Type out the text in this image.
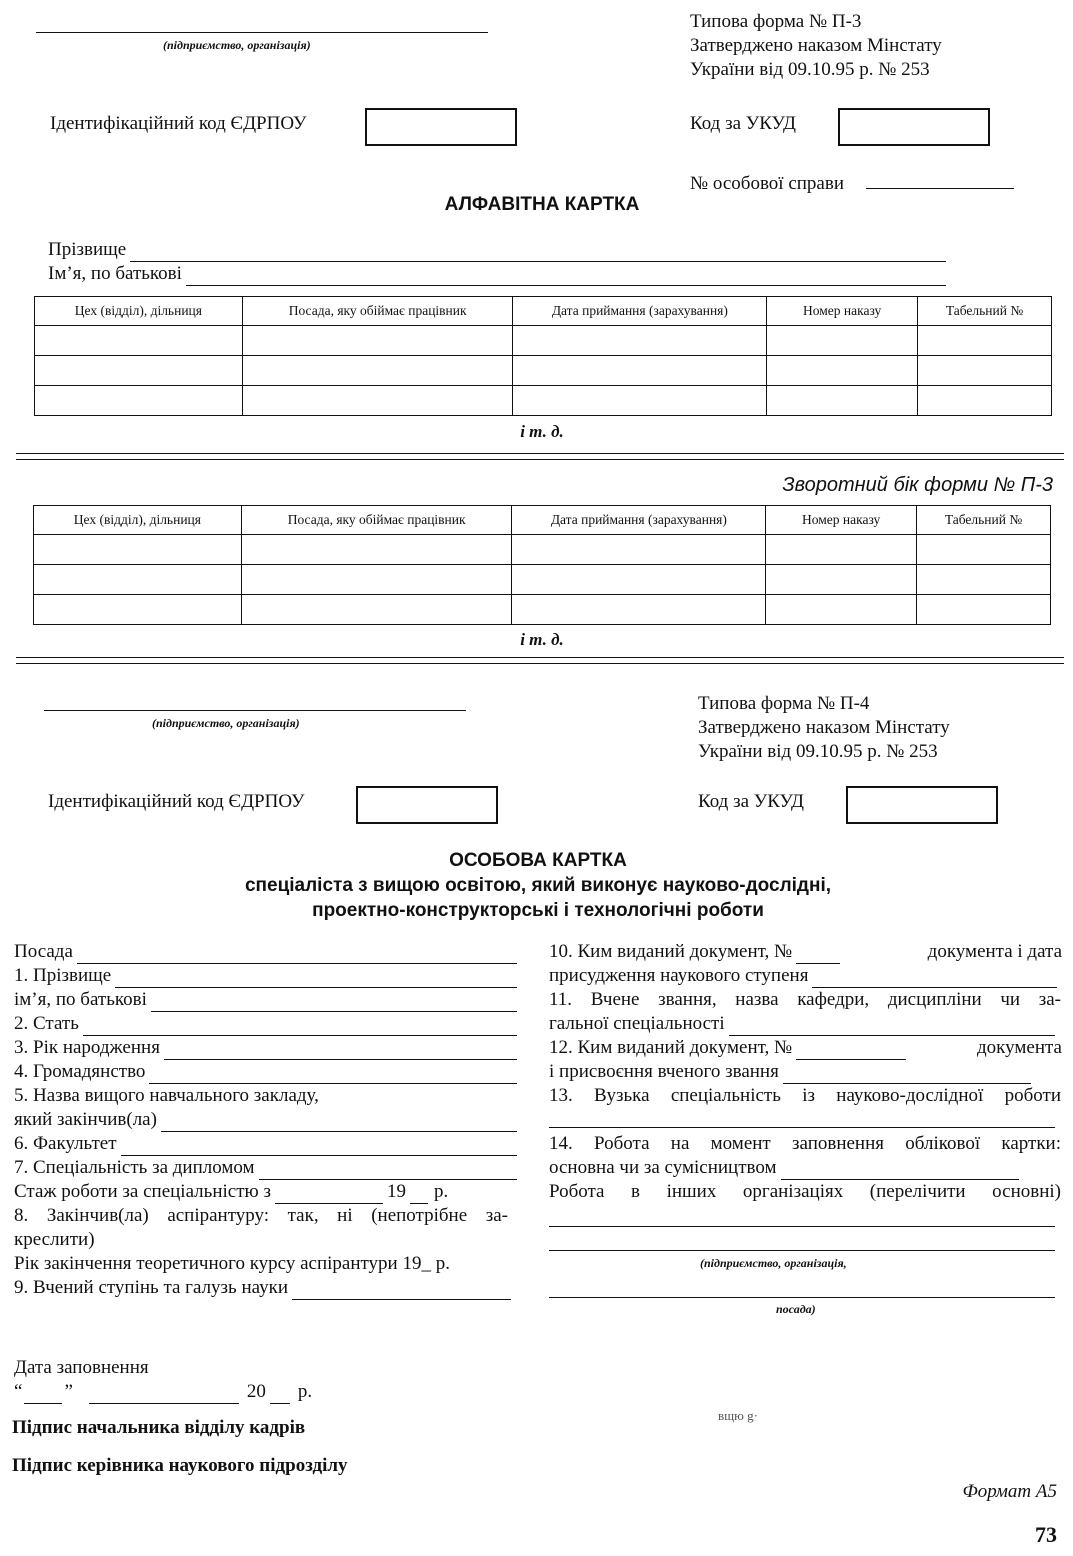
(підприємство, організація)
Типова форма № П-3
Затверджено наказом Мінстату
України від 09.10.95 р. № 253
Ідентифікаційний код ЄДРПОУ	Код за УКУД
№ особової справи
АЛФАВІТНА КАРТКА
Прізвище
Ім’я, по батькові
Цех (відділ), дільниця	Посада, яку обіймає працівник	Дата приймання (зарахування)	Номер наказу	Табельний №

і т. д.
Зворотний бік форми № П-3
Цех (відділ), дільниця	Посада, яку обіймає працівник	Дата приймання (зарахування)	Номер наказу	Табельний №

і т. д.
(підприємство, організація)
Типова форма № П-4
Затверджено наказом Мінстату
України від 09.10.95 р. № 253
Ідентифікаційний код ЄДРПОУ	Код за УКУД
ОСОБОВА КАРТКА
спеціаліста з вищою освітою, який виконує науково-дослідні,
проектно-конструкторські і технологічні роботи
Посада
1. Прізвище
ім’я, по батькові
2. Стать
3. Рік народження
4. Громадянство
5. Назва вищого навчального закладу,
який закінчив(ла)
6. Факультет
7. Спеціальність за дипломом
Стаж роботи за спеціальністю з	19 р.
8. Закінчив(ла) аспірантуру: так, ні (непотрібне за-
креслити)
Рік закінчення теоретичного курсу аспірантури 19_ р.
9. Вчений ступінь та галузь науки
10. Ким виданий документ, №	документа і дата
присудження наукового ступеня
11. Вчене звання, назва кафедри, дисципліни чи за-
гальної спеціальності
12. Ким виданий документ, №	документа
і присвоєння вченого звання
13. Вузька спеціальність із науково-дослідної роботи
14. Робота на момент заповнення облікової картки:
основна чи за сумісництвом
Робота в інших організаціях (перелічити основні)
(підприємство, організація,
посада)
Дата заповнення
“ ”	20 р.
Підпис начальника відділу кадрів
Підпис керівника наукового підрозділу
вщю g·
Формат А5
73
